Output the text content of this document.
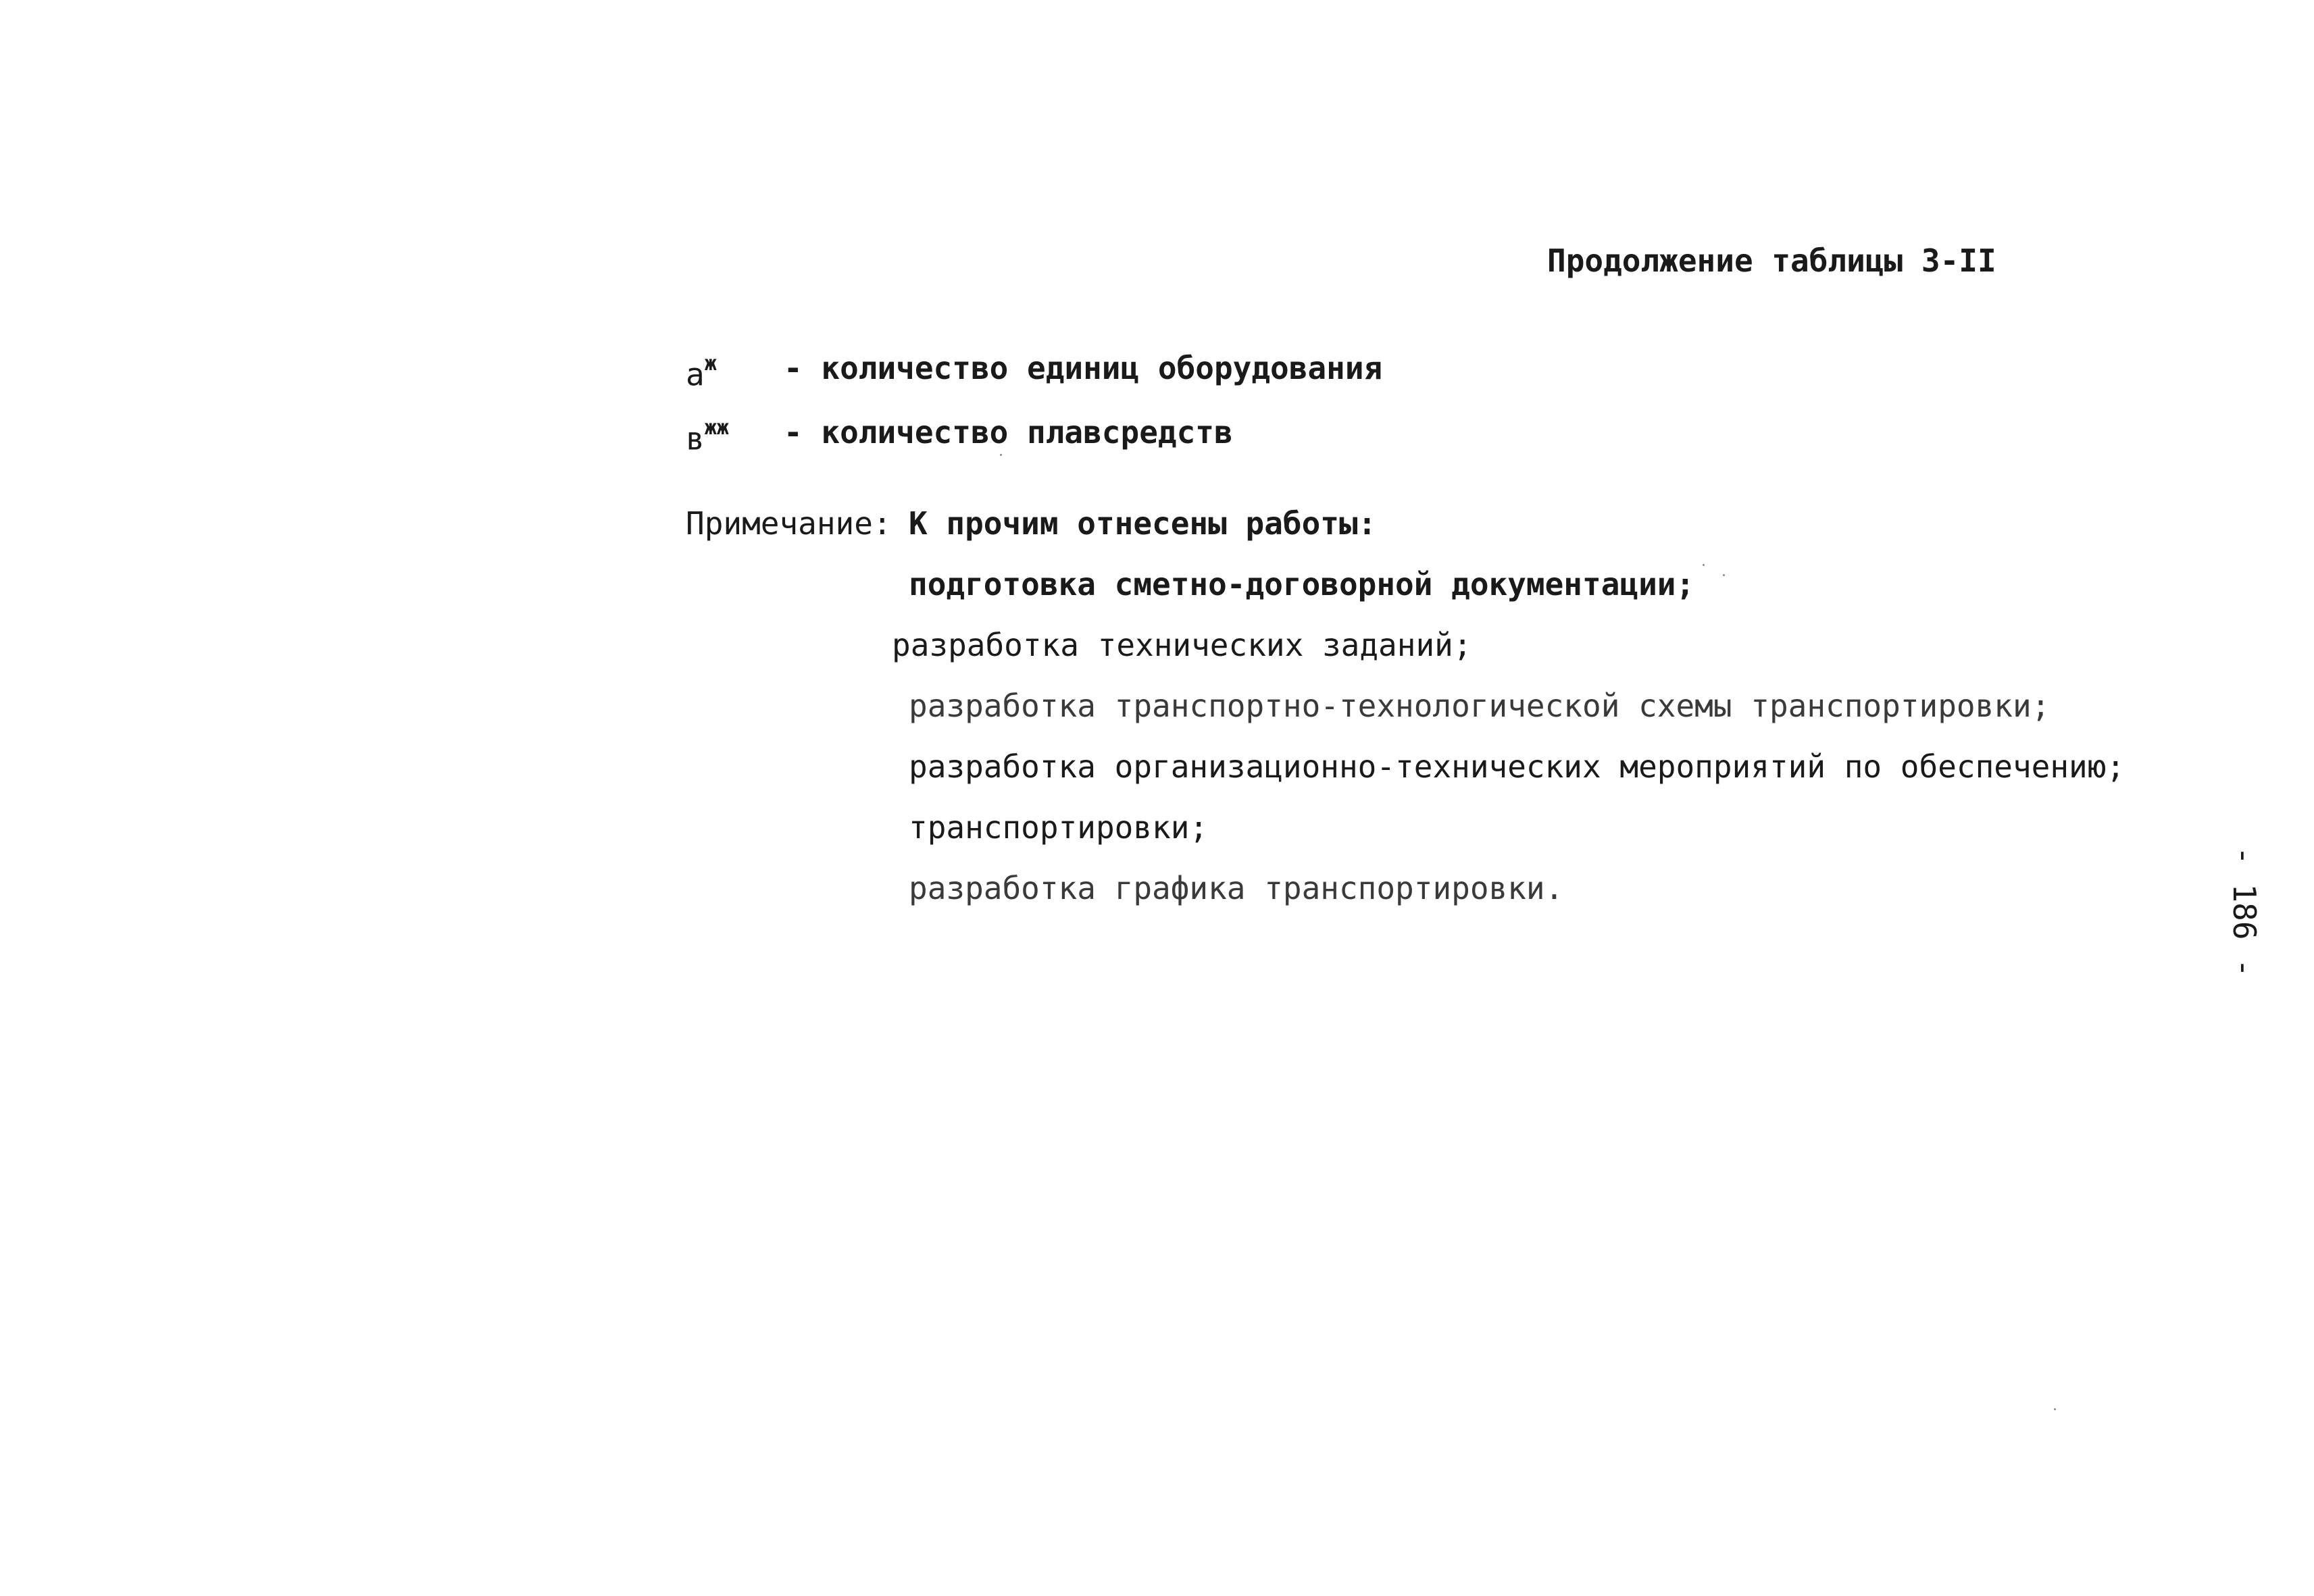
Продолжение таблицы 3-II
$а^ж$ - количество единиц оборудования
$в^{жж}$ - количество плавсредств
Примечание: К прочим отнесены работы:
подготовка сметно-договорной документации;
разработка технических заданий;
разработка транспортно-технологической схемы транспортировки;
разработка организационно-технических мероприятий по обеспечению;
транспортировки;
разработка графика транспортировки.	- 186 -
